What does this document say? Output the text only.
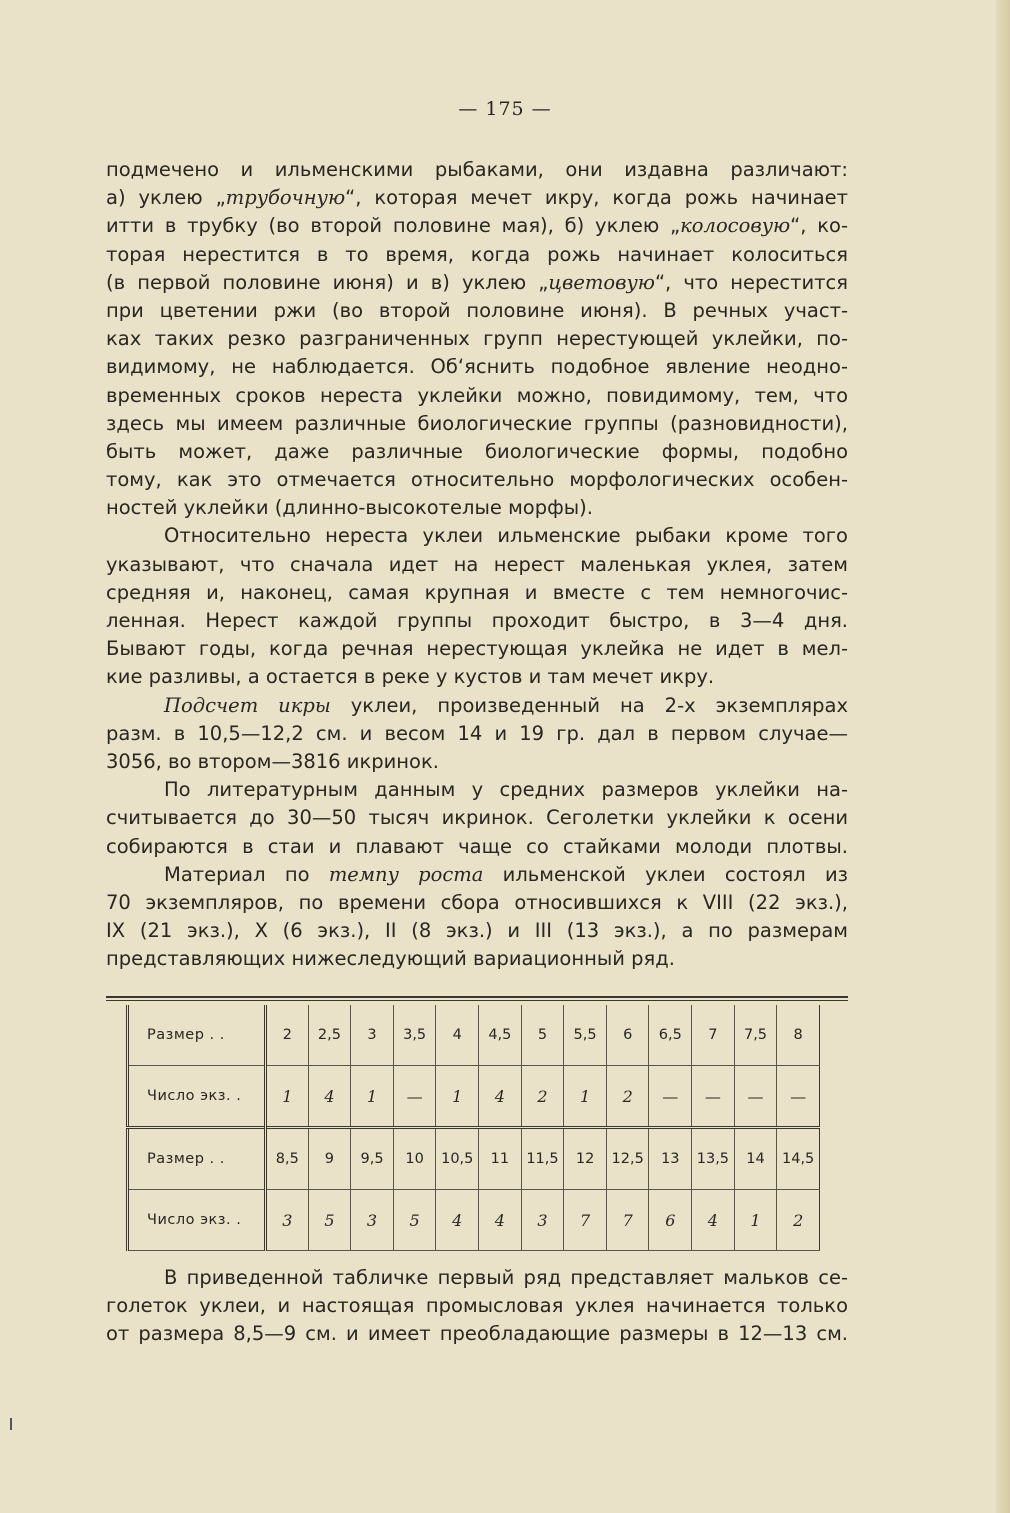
— 175 —
подмечено и ильменскими рыбаками, они издавна различают:
а) уклею „трубочную“, которая мечет икру, когда рожь начинает
итти в трубку (во второй половине мая), б) уклею „колосовую“, ко-
торая нерестится в то время, когда рожь начинает колоситься
(в первой половине июня) и в) уклею „цветовую“, что нерестится
при цветении ржи (во второй половине июня). В речных участ-
ках таких резко разграниченных групп нерестующей уклейки, по-
видимому, не наблюдается. Об‘яснить подобное явление неодно-
временных сроков нереста уклейки можно, повидимому, тем, что
здесь мы имеем различные биологические группы (разновидности),
быть может, даже различные биологические формы, подобно
тому, как это отмечается относительно морфологических особен-
ностей уклейки (длинно-высокотелые морфы).
Относительно нереста уклеи ильменские рыбаки кроме того
указывают, что сначала идет на нерест маленькая уклея, затем
средняя и, наконец, самая крупная и вместе с тем немногочис-
ленная. Нерест каждой группы проходит быстро, в 3—4 дня.
Бывают годы, когда речная нерестующая уклейка не идет в мел-
кие разливы, а остается в реке у кустов и там мечет икру.
Подсчет икры уклеи, произведенный на 2-х экземплярах
разм. в 10,5—12,2 см. и весом 14 и 19 гр. дал в первом случае—
3056, во втором—3816 икринок.
По литературным данным у средних размеров уклейки на-
считывается до 30—50 тысяч икринок. Сеголетки уклейки к осени
собираются в стаи и плавают чаще со стайками молоди плотвы.
Материал по темпу роста ильменской уклеи состоял из
70 экземпляров, по времени сбора относившихся к VIII (22 экз.),
IX (21 экз.), X (6 экз.), II (8 экз.) и III (13 экз.), а по размерам
представляющих нижеследующий вариационный ряд.
Размер . .	2	2,5	3	3,5	4	4,5	5	5,5	6	6,5	7	7,5	8
Число экз. .	1	4	1	—	1	4	2	1	2	—	—	—	—
Размер . .	8,5	9	9,5	10	10,5	11	11,5	12	12,5	13	13,5	14	14,5
Число экз. .	3	5	3	5	4	4	3	7	7	6	4	1	2
В приведенной табличке первый ряд представляет мальков се-
голеток уклеи, и настоящая промысловая уклея начинается только
от размера 8,5—9 см. и имеет преобладающие размеры в 12—13 см.
